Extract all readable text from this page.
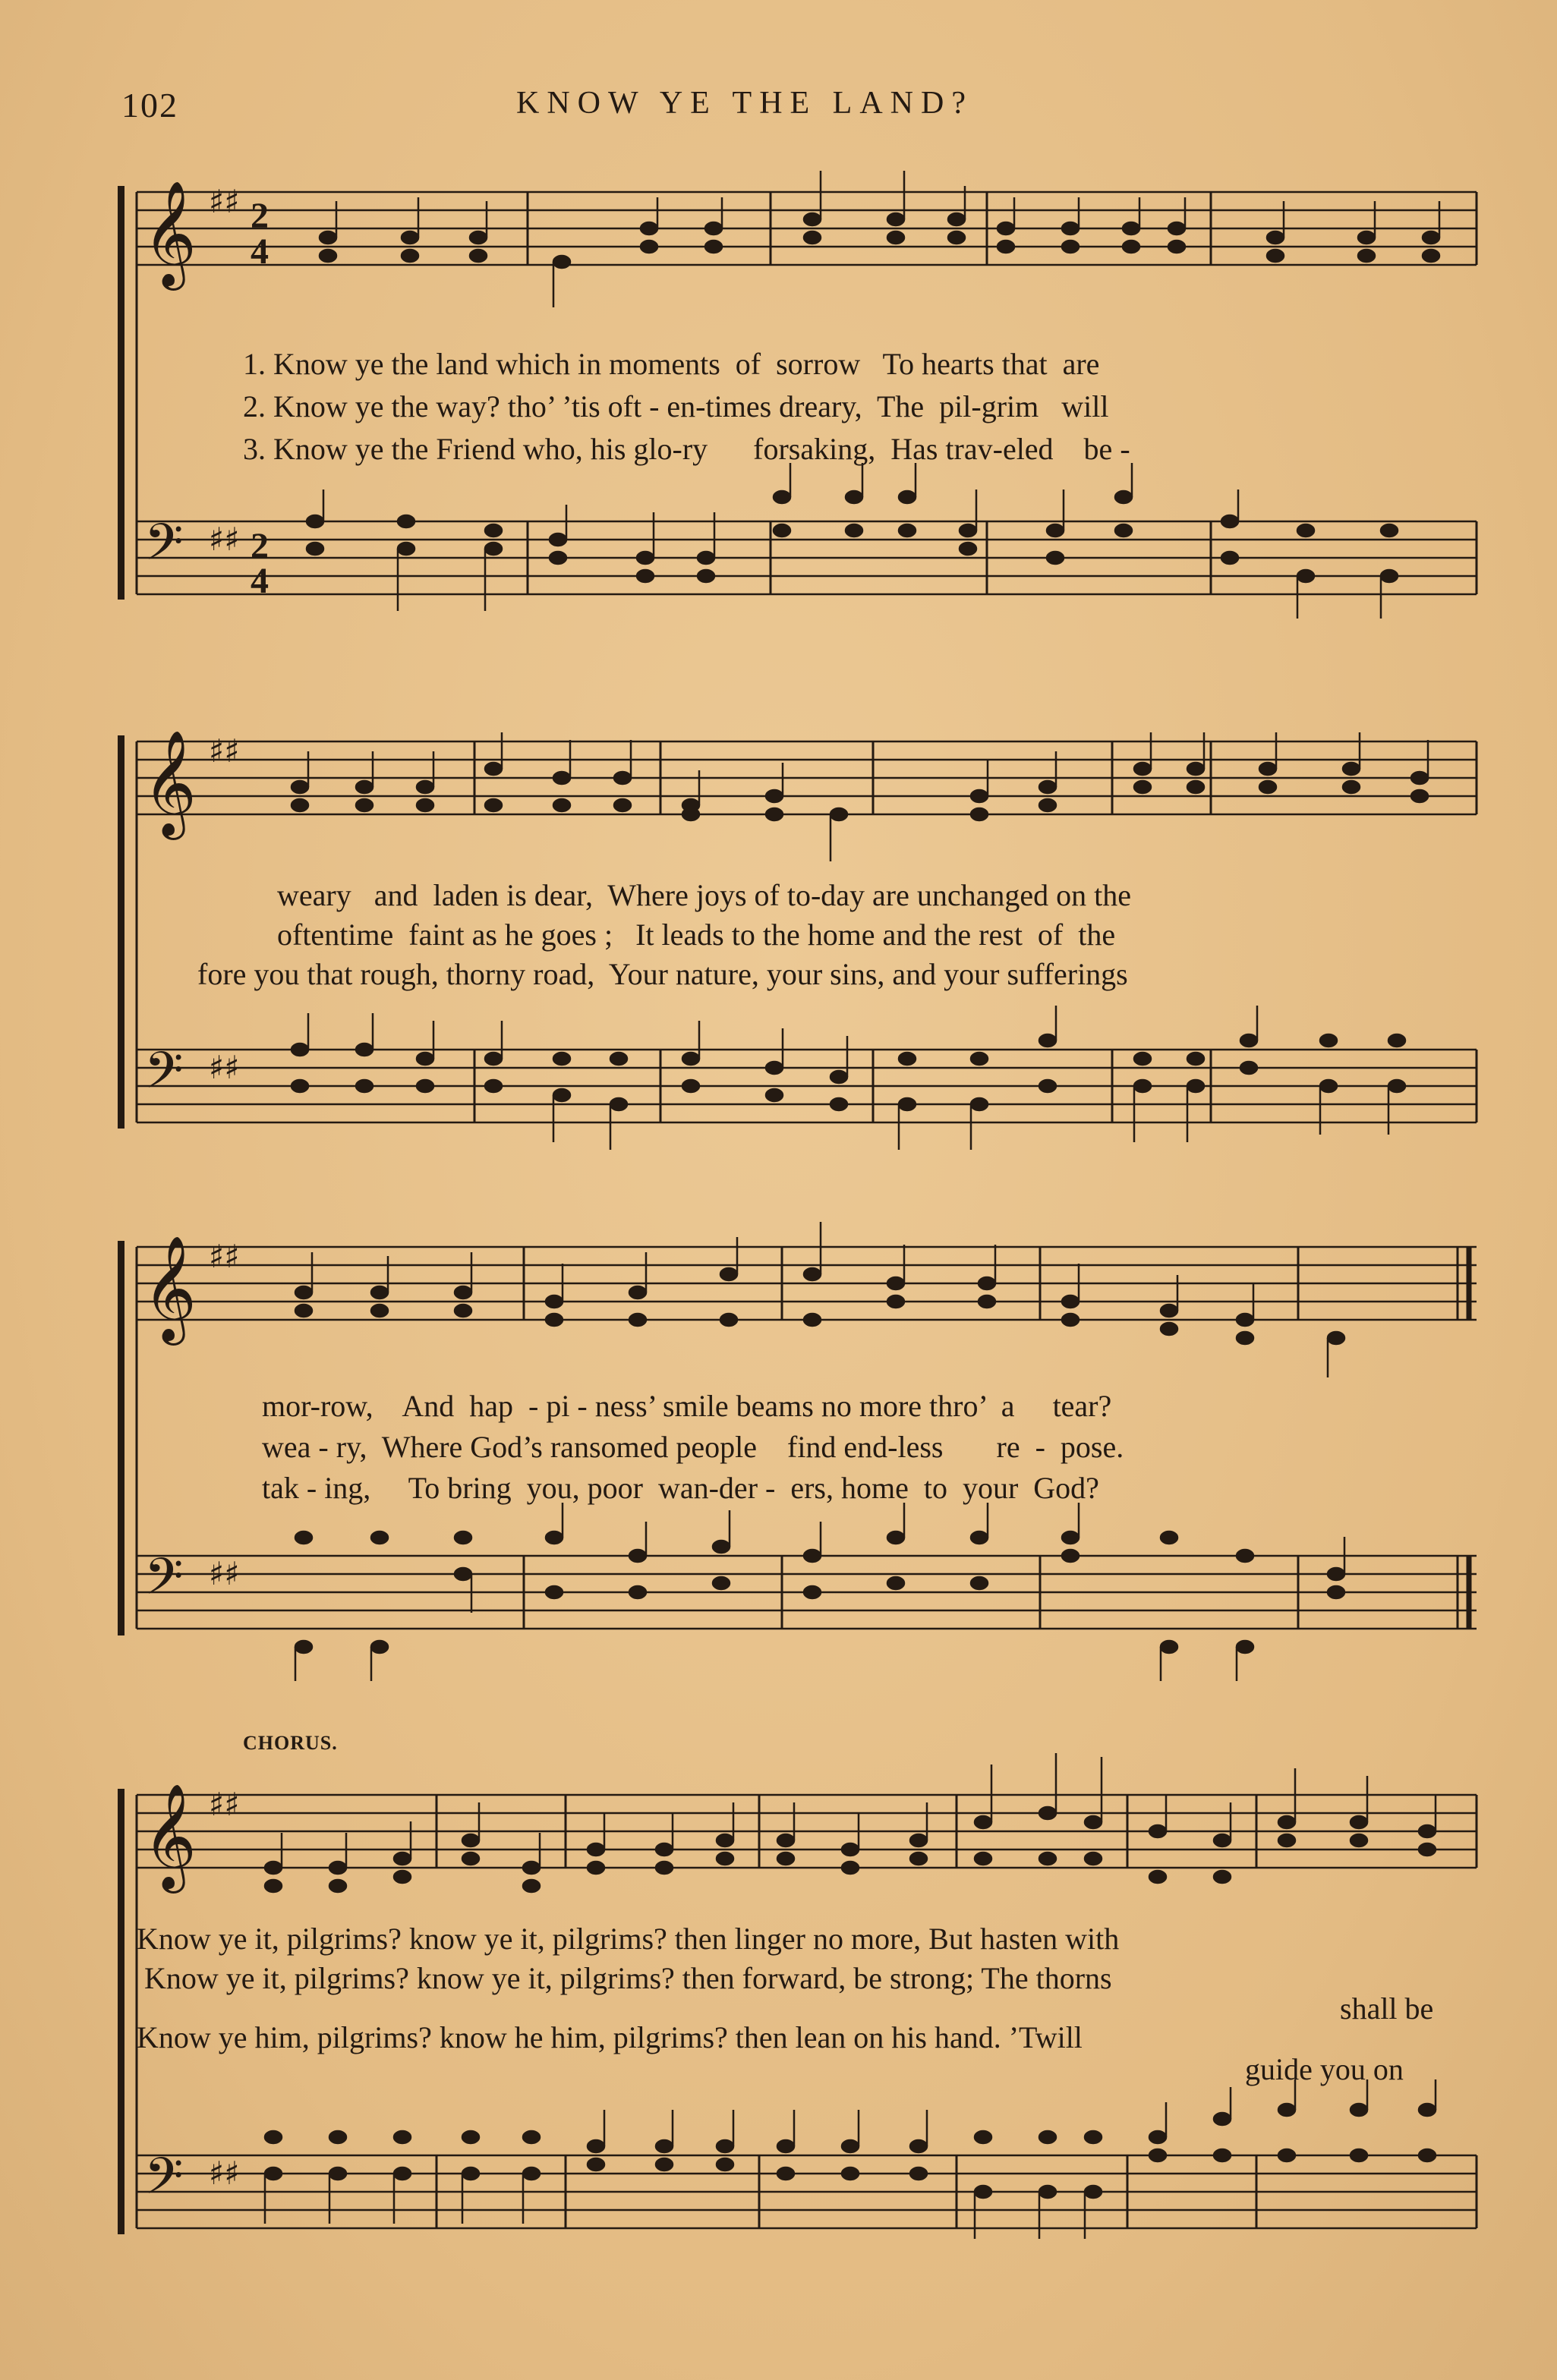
102	KNOW YE THE LAND?
𝄞
𝄢
♯♯
♯♯
2
4
2
4
1. Know ye the land which in moments  of  sorrow   To hearts that  are
2. Know ye the way? tho’ ’tis oft - en-times dreary,  The  pil-grim   will
3. Know ye the Friend who, his glo-ry      forsaking,  Has trav-eled    be -
𝄞
𝄢
♯♯
♯♯
weary   and  laden is dear,  Where joys of to-day are unchanged on the
oftentime  faint as he goes ;   It leads to the home and the rest  of  the
fore you that rough, thorny road,  Your nature, your sins, and your sufferings
𝄞
𝄢
♯♯
♯♯
mor-row,    And  hap  - pi - ness’ smile beams no more thro’  a     tear?
wea - ry,  Where God’s ransomed people    find end-less       re  -  pose.
tak - ing,     To bring  you, poor  wan-der -  ers, home  to  your  God?
CHORUS.
𝄞
𝄢
♯♯
♯♯
Know ye it, pilgrims? know ye it, pilgrims? then linger no more, But hasten with
Know ye it, pilgrims? know ye it, pilgrims? then forward, be strong; The thorns
shall be
Know ye him, pilgrims? know he him, pilgrims? then lean on his hand. ’Twill
guide you on
